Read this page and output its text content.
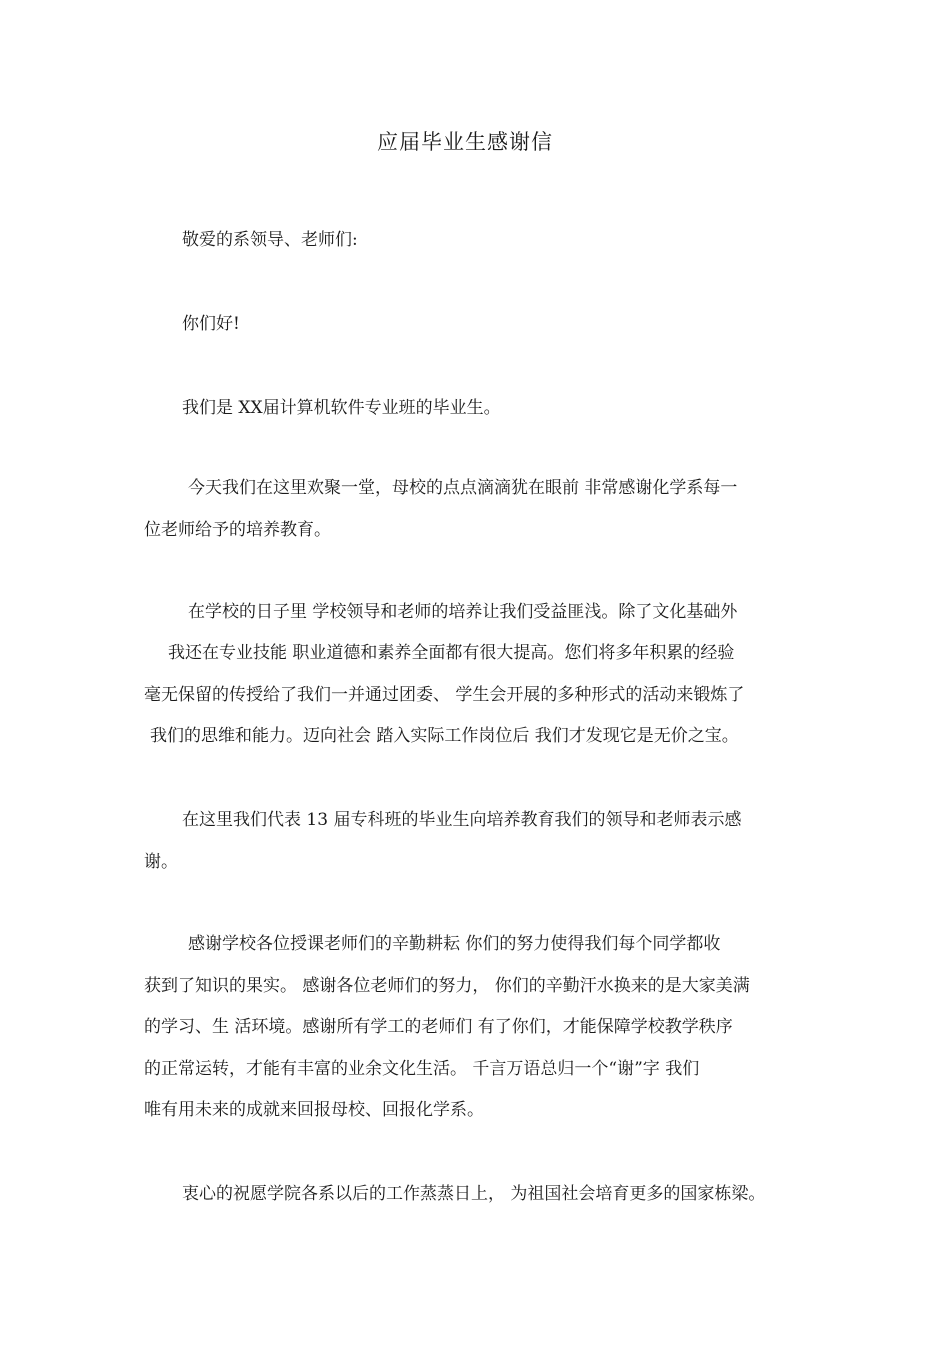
应届毕业生感谢信
敬爱的系领导、老师们:
你们好!
我们是 XX届计算机软件专业班的毕业生。
今天我们在这里欢聚一堂，母校的点点滴滴犹在眼前 非常感谢化学系每一
位老师给予的培养教育。
在学校的日子里 学校领导和老师的培养让我们受益匪浅。除了文化基础外
我还在专业技能 职业道德和素养全面都有很大提高。您们将多年积累的经验
毫无保留的传授给了我们一并通过团委、 学生会开展的多种形式的活动来锻炼了
我们的思维和能力。迈向社会 踏入实际工作岗位后 我们才发现它是无价之宝。
在这里我们代表 13 届专科班的毕业生向培养教育我们的领导和老师表示感
谢。
感谢学校各位授课老师们的辛勤耕耘 你们的努力使得我们每个同学都收
获到了知识的果实。 感谢各位老师们的努力， 你们的辛勤汗水换来的是大家美满
的学习、生 活环境。感谢所有学工的老师们 有了你们，才能保障学校教学秩序
的正常运转，才能有丰富的业余文化生活。 千言万语总归一个“谢”字 我们
唯有用未来的成就来回报母校、回报化学系。
衷心的祝愿学院各系以后的工作蒸蒸日上， 为祖国社会培育更多的国家栋梁。
